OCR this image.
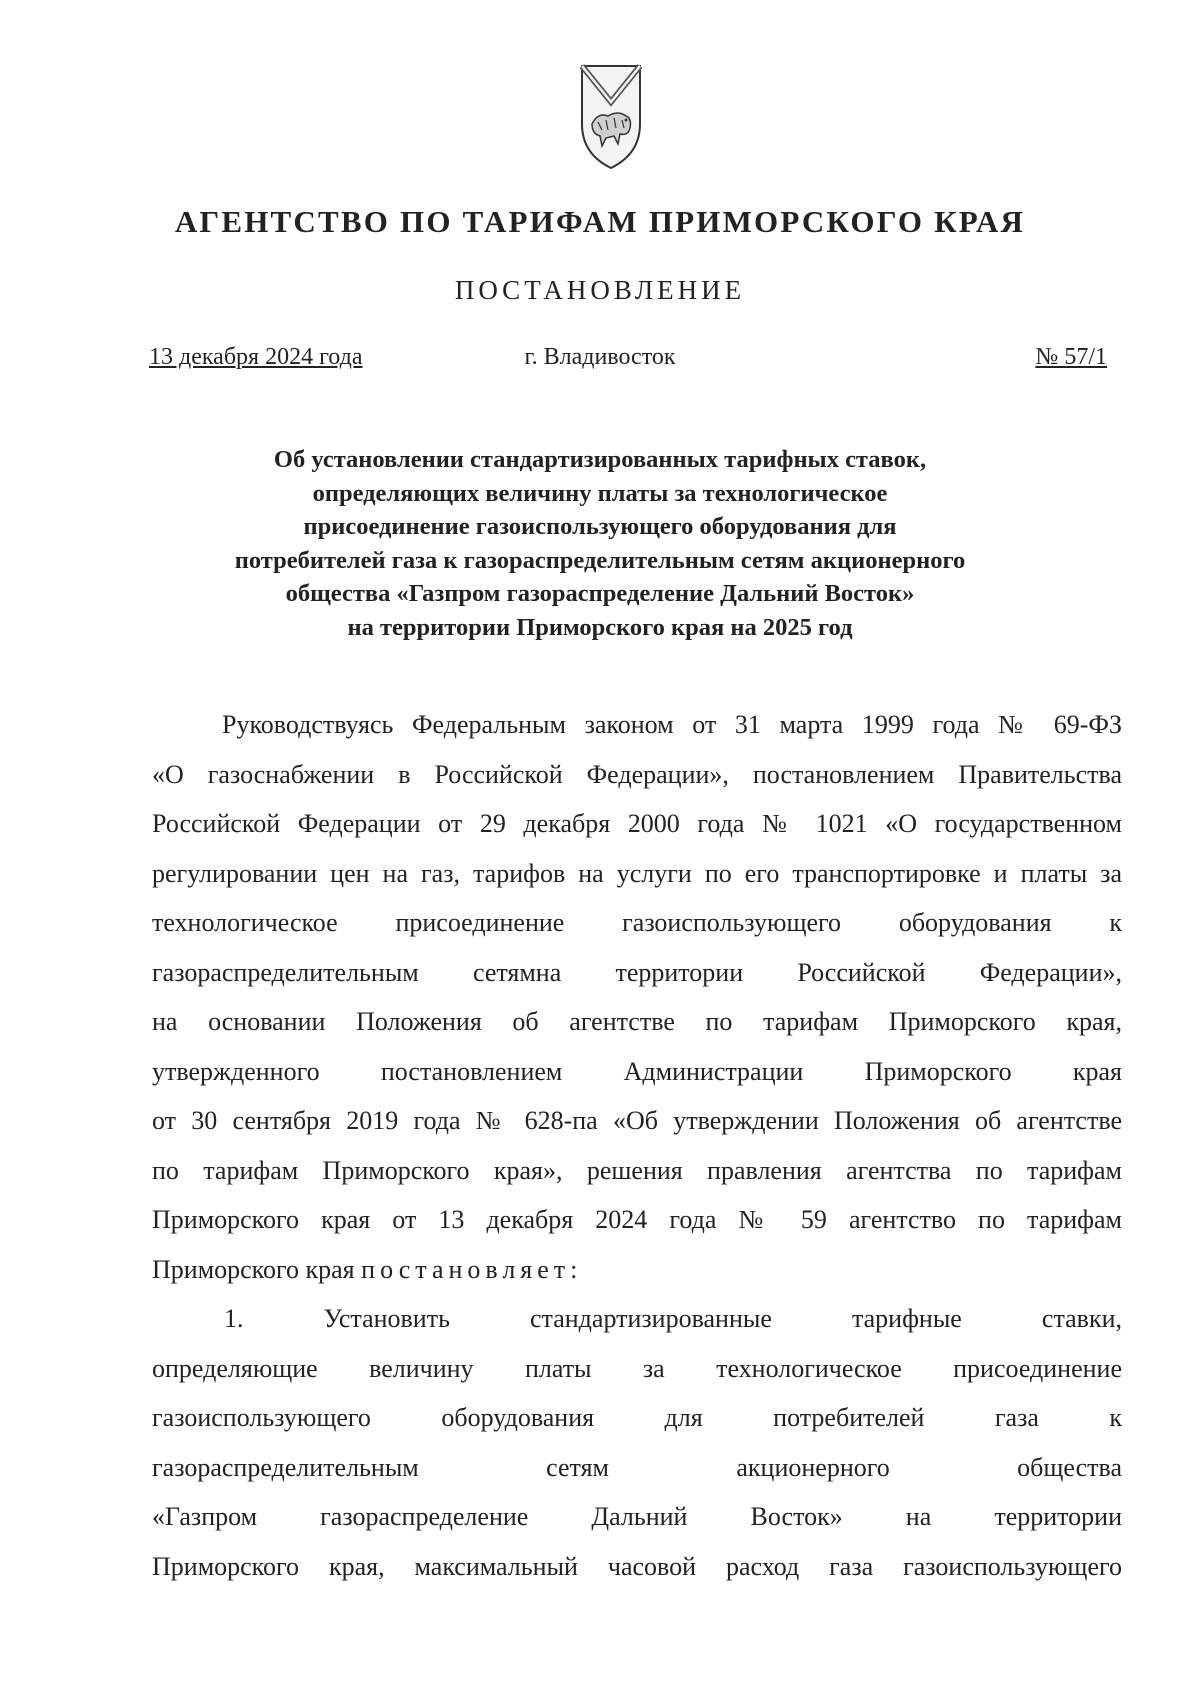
АГЕНТСТВО ПО ТАРИФАМ ПРИМОРСКОГО КРАЯ
ПОСТАНОВЛЕНИЕ
13 декабря 2024 года	г. Владивосток	№ 57/1
Об установлении стандартизированных тарифных ставок,
определяющих величину платы за технологическое
присоединение газоиспользующего оборудования для
потребителей газа к газораспределительным сетям акционерного
общества «Газпром газораспределение Дальний Восток»
на территории Приморского края на 2025 год
Руководствуясь Федеральным законом от 31 марта 1999 года № 69-ФЗ
«О газоснабжении в Российской Федерации», постановлением Правительства
Российской Федерации от 29 декабря 2000 года № 1021 «О государственном
регулировании цен на газ, тарифов на услуги по его транспортировке и платы за
технологическое присоединение газоиспользующего оборудования к
газораспределительным сетямна территории Российской Федерации»,
на основании Положения об агентстве по тарифам Приморского края,
утвержденного постановлением Администрации Приморского края
от 30 сентября 2019 года № 628-па «Об утверждении Положения об агентстве
по тарифам Приморского края», решения правления агентства по тарифам
Приморского края от 13 декабря 2024 года № 59 агентство по тарифам
Приморского края постановляет:
1. Установить стандартизированные тарифные ставки,
определяющие величину платы за технологическое присоединение
газоиспользующего оборудования для потребителей газа к
газораспределительным сетям акционерного общества
«Газпром газораспределение Дальний Восток» на территории
Приморского края, максимальный часовой расход газа газоиспользующего
